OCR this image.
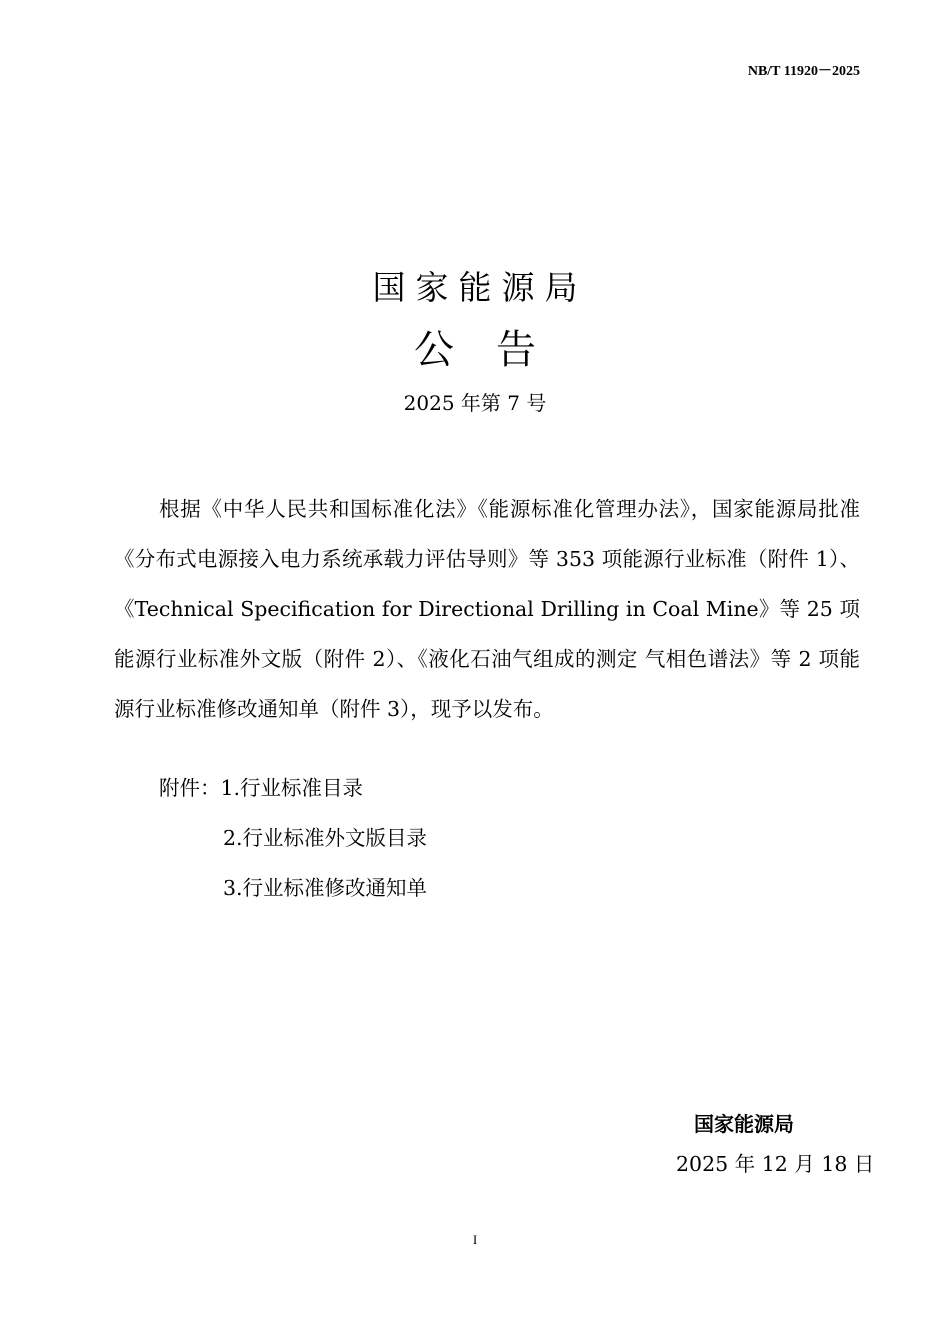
NB/T 11920－2025
国家能源局
公 告
2025 年第 7 号
根据《中华人民共和国标准化法》《能源标准化管理办法》，国家能源局批准《分布式电源接入电力系统承载力评估导则》等 353 项能源行业标准（附件 1）、《Technical Specification for Directional Drilling in Coal Mine》等 25 项能源行业标准外文版（附件 2）、《液化石油气组成的测定 气相色谱法》等 2 项能源行业标准修改通知单（附件 3），现予以发布。
附件：1.行业标准目录
2.行业标准外文版目录
3.行业标准修改通知单
国家能源局
2025 年 12 月 18 日
I
